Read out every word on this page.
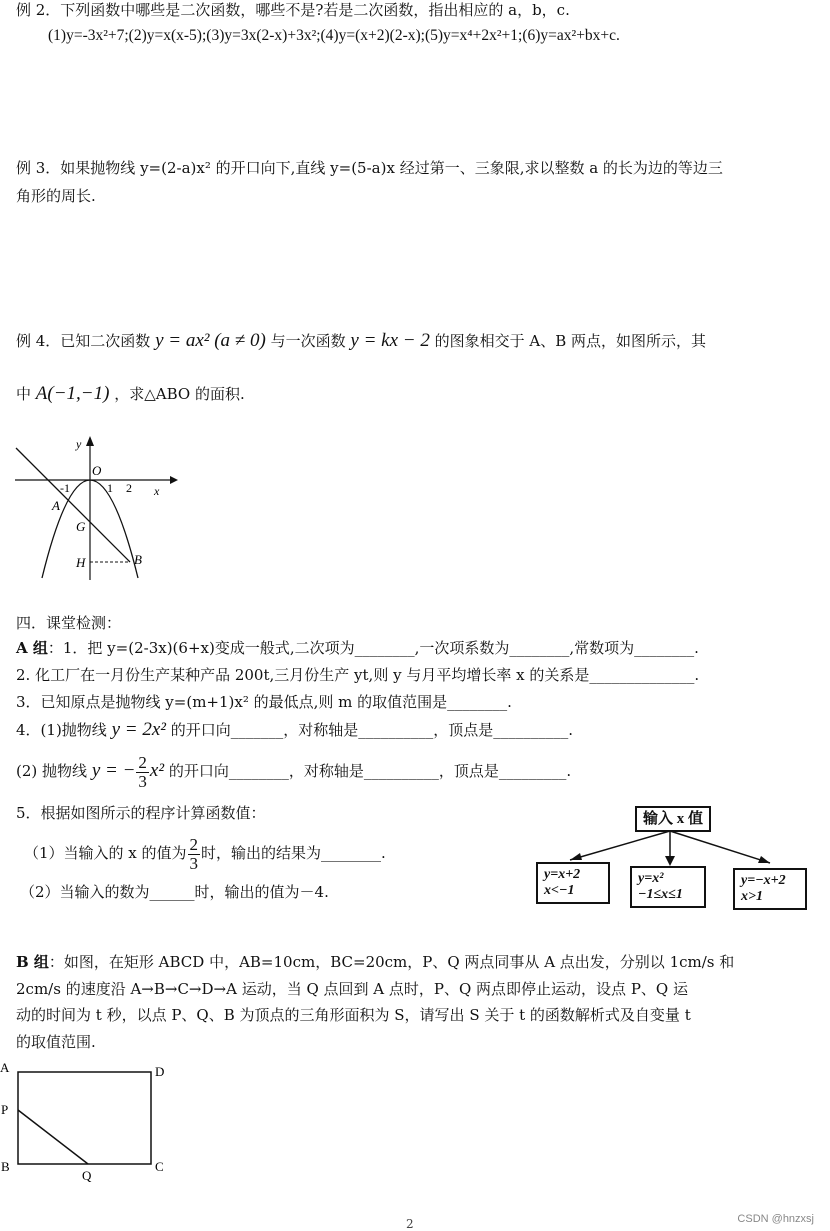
例 2．下列函数中哪些是二次函数，哪些不是?若是二次函数，指出相应的 a，b，c.
(1)y=-3x²+7;(2)y=x(x-5);(3)y=3x(2-x)+3x²;(4)y=(x+2)(2-x);(5)y=x⁴+2x²+1;(6)y=ax²+bx+c.
例 3．如果抛物线 y=(2-a)x² 的开口向下,直线 y=(5-a)x 经过第一、三象限,求以整数 a 的长为边的等边三
角形的周长.
例 4．已知二次函数 y = ax² (a ≠ 0) 与一次函数 y = kx − 2 的图象相交于 A、B 两点，如图所示，其
中 A(−1,−1) ，求△ABO 的面积.
y
x
O
-1	1 2
A
G
H	B
四．课堂检测：
A 组：1．把 y=(2-3x)(6+x)变成一般式,二次项为________,一次项系数为________,常数项为________.
2. 化工厂在一月份生产某种产品 200t,三月份生产 yt,则 y 与月平均增长率 x 的关系是______________.
3．已知原点是抛物线 y=(m+1)x² 的最低点,则 m 的取值范围是________.
4．(1)抛物线 y = 2x² 的开口向_______，对称轴是__________，顶点是__________.
(2) 抛物线 y = − $\frac{2}{3} x^2$ 的开口向________，对称轴是__________，顶点是_________.
5．根据如图所示的程序计算函数值：
（1）当输入的 x 的值为 $\frac{2}{3}$ 时，输出的结果为________.
（2）当输入的数为______时，输出的值为－4.
输入 x 值
y=x+2
x<−1
y=x²
−1≤x≤1
y=−x+2
x>1
B 组：如图，在矩形 ABCD 中，AB=10cm，BC=20cm，P、Q 两点同事从 A 点出发，分别以 1cm/s 和
2cm/s 的速度沿 A→B→C→D→A 运动，当 Q 点回到 A 点时，P、Q 两点即停止运动，设点 P、Q 运
动的时间为 t 秒，以点 P、Q、B 为顶点的三角形面积为 S，请写出 S 关于 t 的函数解析式及自变量 t
的取值范围.
A	D
P
B
Q
C
2	CSDN @hnzxsj
